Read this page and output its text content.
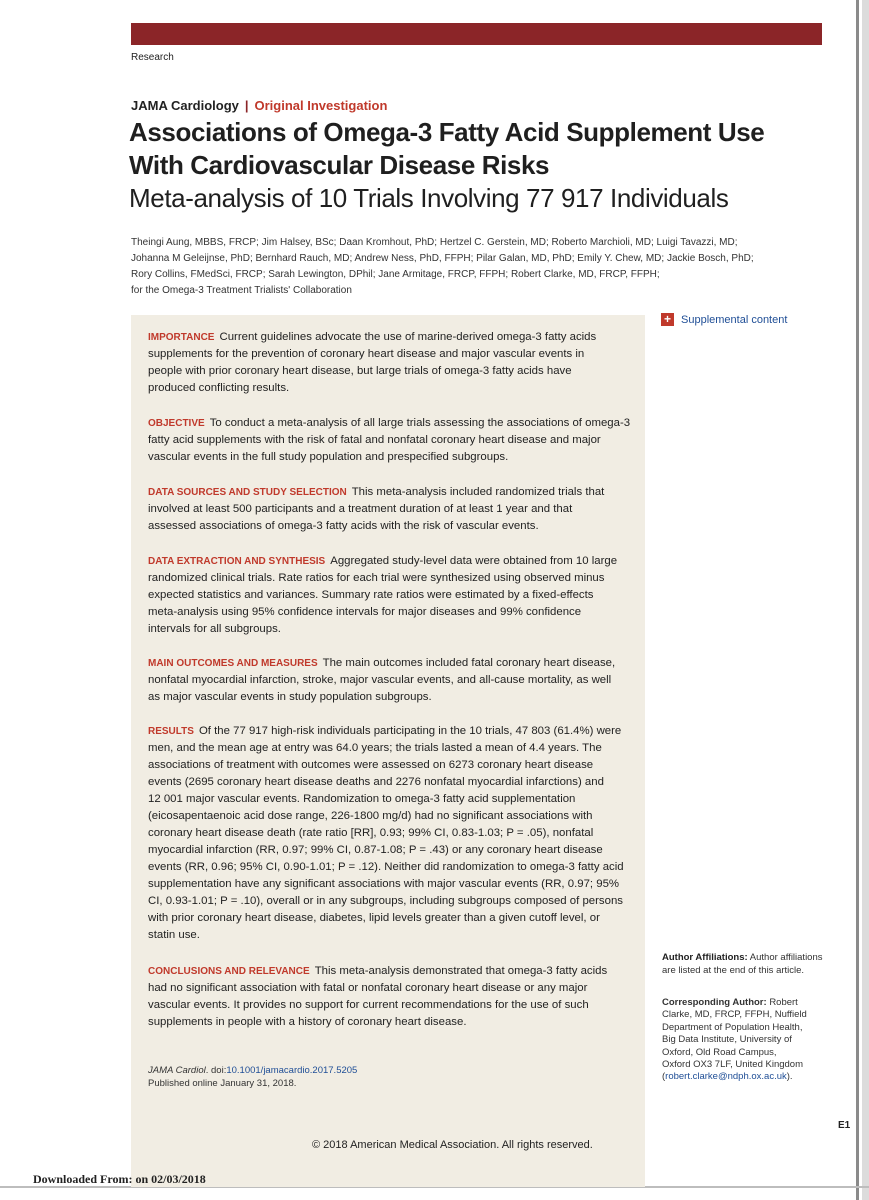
Research
JAMA Cardiology | Original Investigation
Associations of Omega-3 Fatty Acid Supplement Use
With Cardiovascular Disease Risks
Meta-analysis of 10 Trials Involving 77 917 Individuals
Theingi Aung, MBBS, FRCP; Jim Halsey, BSc; Daan Kromhout, PhD; Hertzel C. Gerstein, MD; Roberto Marchioli, MD; Luigi Tavazzi, MD;
Johanna M Geleijnse, PhD; Bernhard Rauch, MD; Andrew Ness, PhD, FFPH; Pilar Galan, MD, PhD; Emily Y. Chew, MD; Jackie Bosch, PhD;
Rory Collins, FMedSci, FRCP; Sarah Lewington, DPhil; Jane Armitage, FRCP, FFPH; Robert Clarke, MD, FRCP, FFPH;
for the Omega-3 Treatment Trialists' Collaboration
+ Supplemental content
IMPORTANCE Current guidelines advocate the use of marine-derived omega-3 fatty acids
supplements for the prevention of coronary heart disease and major vascular events in
people with prior coronary heart disease, but large trials of omega-3 fatty acids have
produced conflicting results.
OBJECTIVE To conduct a meta-analysis of all large trials assessing the associations of omega-3
fatty acid supplements with the risk of fatal and nonfatal coronary heart disease and major
vascular events in the full study population and prespecified subgroups.
DATA SOURCES AND STUDY SELECTION This meta-analysis included randomized trials that
involved at least 500 participants and a treatment duration of at least 1 year and that
assessed associations of omega-3 fatty acids with the risk of vascular events.
DATA EXTRACTION AND SYNTHESIS Aggregated study-level data were obtained from 10 large
randomized clinical trials. Rate ratios for each trial were synthesized using observed minus
expected statistics and variances. Summary rate ratios were estimated by a fixed-effects
meta-analysis using 95% confidence intervals for major diseases and 99% confidence
intervals for all subgroups.
MAIN OUTCOMES AND MEASURES The main outcomes included fatal coronary heart disease,
nonfatal myocardial infarction, stroke, major vascular events, and all-cause mortality, as well
as major vascular events in study population subgroups.
RESULTS Of the 77 917 high-risk individuals participating in the 10 trials, 47 803 (61.4%) were
men, and the mean age at entry was 64.0 years; the trials lasted a mean of 4.4 years. The
associations of treatment with outcomes were assessed on 6273 coronary heart disease
events (2695 coronary heart disease deaths and 2276 nonfatal myocardial infarctions) and
12 001 major vascular events. Randomization to omega-3 fatty acid supplementation
(eicosapentaenoic acid dose range, 226-1800 mg/d) had no significant associations with
coronary heart disease death (rate ratio [RR], 0.93; 99% CI, 0.83-1.03; P = .05), nonfatal
myocardial infarction (RR, 0.97; 99% CI, 0.87-1.08; P = .43) or any coronary heart disease
events (RR, 0.96; 95% CI, 0.90-1.01; P = .12). Neither did randomization to omega-3 fatty acid
supplementation have any significant associations with major vascular events (RR, 0.97; 95%
CI, 0.93-1.01; P = .10), overall or in any subgroups, including subgroups composed of persons
with prior coronary heart disease, diabetes, lipid levels greater than a given cutoff level, or
statin use.
CONCLUSIONS AND RELEVANCE This meta-analysis demonstrated that omega-3 fatty acids
had no significant association with fatal or nonfatal coronary heart disease or any major
vascular events. It provides no support for current recommendations for the use of such
supplements in people with a history of coronary heart disease.
JAMA Cardiol. doi:10.1001/jamacardio.2017.5205
Published online January 31, 2018.
© 2018 American Medical Association. All rights reserved.
Author Affiliations: Author affiliations are listed at the end of this article.
Corresponding Author: Robert Clarke, MD, FRCP, FFPH, Nuffield
Department of Population Health,
Big Data Institute, University of
Oxford, Old Road Campus,
Oxford OX3 7LF, United Kingdom
(robert.clarke@ndph.ox.ac.uk).
E1
Downloaded From: on 02/03/2018
